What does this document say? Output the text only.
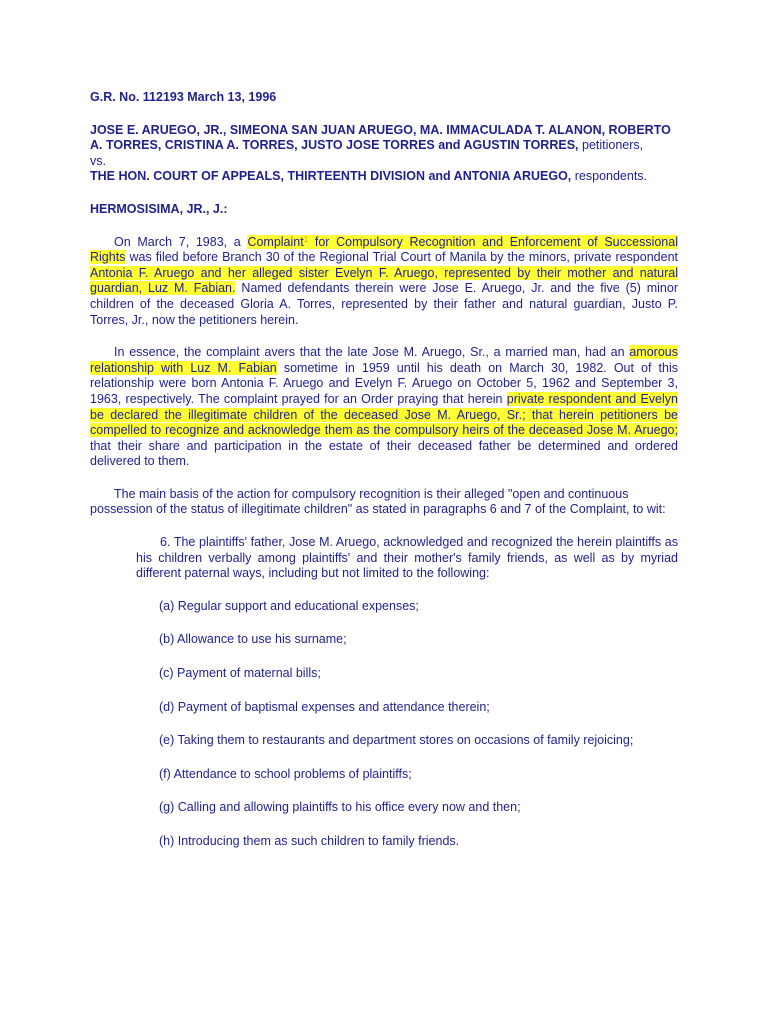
G.R. No. 112193 March 13, 1996

JOSE E. ARUEGO, JR., SIMEONA SAN JUAN ARUEGO, MA. IMMACULADA T. ALANON, ROBERTO A. TORRES, CRISTINA A. TORRES, JUSTO JOSE TORRES and AGUSTIN TORRES, petitioners,
vs.
THE HON. COURT OF APPEALS, THIRTEENTH DIVISION and ANTONIA ARUEGO, respondents.

HERMOSISIMA, JR., J.:

On March 7, 1983, a Complaint$^1$ for Compulsory Recognition and Enforcement of Successional Rights was filed before Branch 30 of the Regional Trial Court of Manila by the minors, private respondent Antonia F. Aruego and her alleged sister Evelyn F. Aruego, represented by their mother and natural guardian, Luz M. Fabian. Named defendants therein were Jose E. Aruego, Jr. and the five (5) minor children of the deceased Gloria A. Torres, represented by their father and natural guardian, Justo P. Torres, Jr., now the petitioners herein.

In essence, the complaint avers that the late Jose M. Aruego, Sr., a married man, had an amorous relationship with Luz M. Fabian sometime in 1959 until his death on March 30, 1982. Out of this relationship were born Antonia F. Aruego and Evelyn F. Aruego on October 5, 1962 and September 3, 1963, respectively. The complaint prayed for an Order praying that herein private respondent and Evelyn be declared the illegitimate children of the deceased Jose M. Aruego, Sr.; that herein petitioners be compelled to recognize and acknowledge them as the compulsory heirs of the deceased Jose M. Aruego; that their share and participation in the estate of their deceased father be determined and ordered delivered to them.

The main basis of the action for compulsory recognition is their alleged "open and continuous possession of the status of illegitimate children" as stated in paragraphs 6 and 7 of the Complaint, to wit:

6. The plaintiffs' father, Jose M. Aruego, acknowledged and recognized the herein plaintiffs as his children verbally among plaintiffs' and their mother's family friends, as well as by myriad different paternal ways, including but not limited to the following:

(a) Regular support and educational expenses;

(b) Allowance to use his surname;

(c) Payment of maternal bills;

(d) Payment of baptismal expenses and attendance therein;

(e) Taking them to restaurants and department stores on occasions of family rejoicing;

(f) Attendance to school problems of plaintiffs;

(g) Calling and allowing plaintiffs to his office every now and then;

(h) Introducing them as such children to family friends.
